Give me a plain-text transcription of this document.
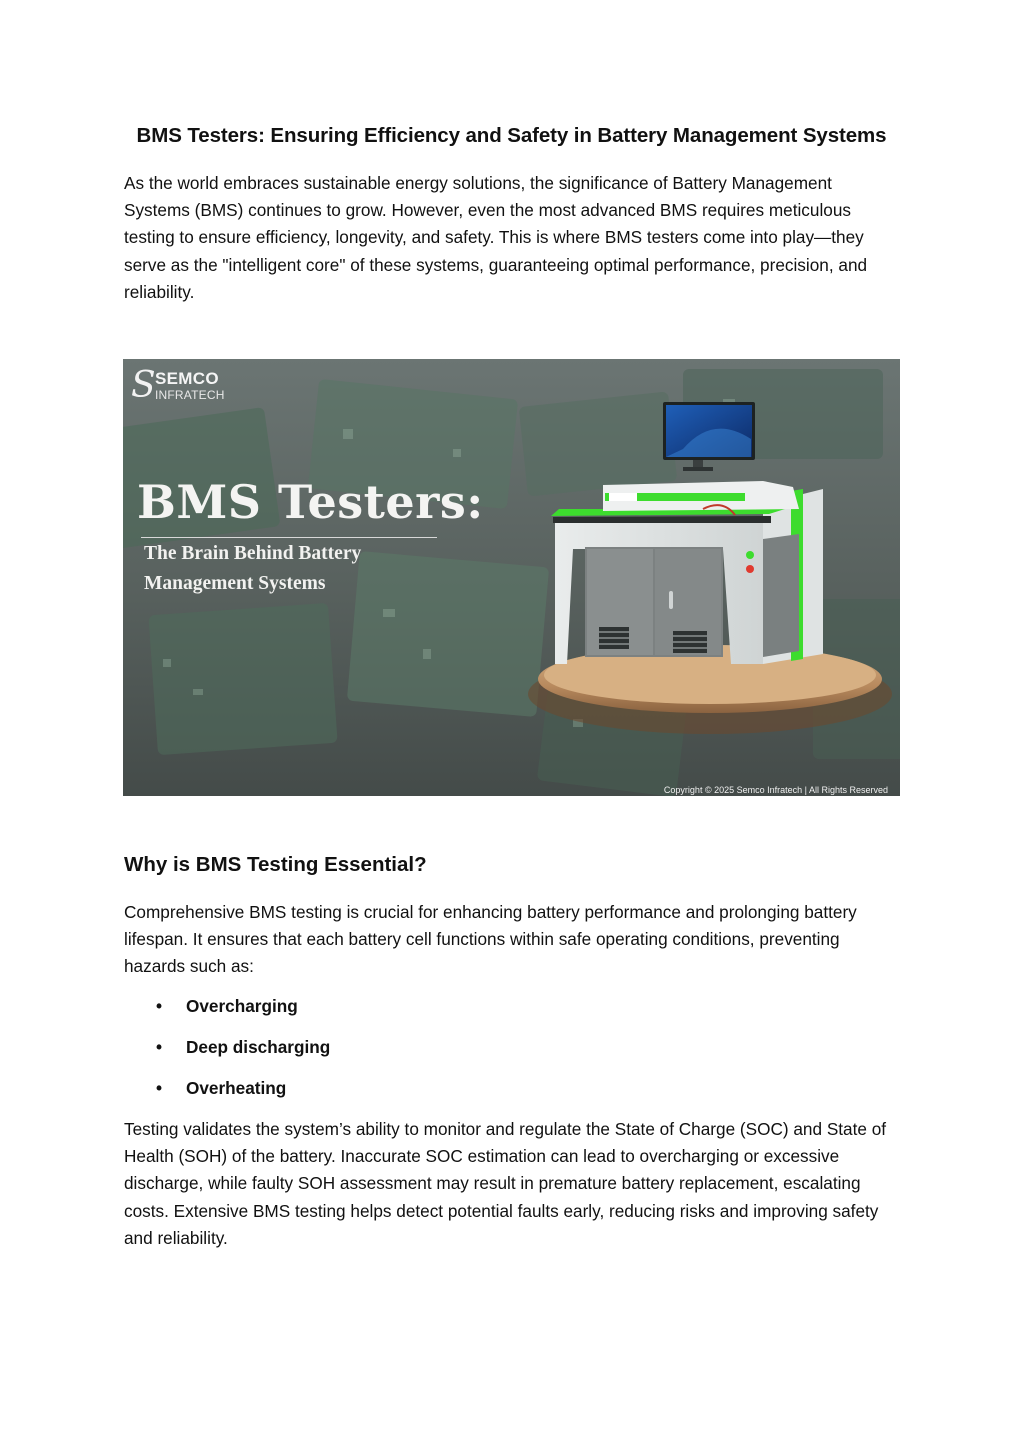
BMS Testers: Ensuring Efficiency and Safety in Battery Management Systems

As the world embraces sustainable energy solutions, the significance of Battery Management Systems (BMS) continues to grow. However, even the most advanced BMS requires meticulous testing to ensure efficiency, longevity, and safety. This is where BMS testers come into play—they serve as the "intelligent core" of these systems, guaranteeing optimal performance, precision, and reliability.

S SEMCO
INFRATECH
BMS Testers:
The Brain Behind Battery Management Systems
Copyright © 2025 Semco Infratech | All Rights Reserved
Why is BMS Testing Essential?

Comprehensive BMS testing is crucial for enhancing battery performance and prolonging battery lifespan. It ensures that each battery cell functions within safe operating conditions, preventing hazards such as:

• Overcharging
• Deep discharging
• Overheating

Testing validates the system’s ability to monitor and regulate the State of Charge (SOC) and State of Health (SOH) of the battery. Inaccurate SOC estimation can lead to overcharging or excessive discharge, while faulty SOH assessment may result in premature battery replacement, escalating costs. Extensive BMS testing helps detect potential faults early, reducing risks and improving safety and reliability.
